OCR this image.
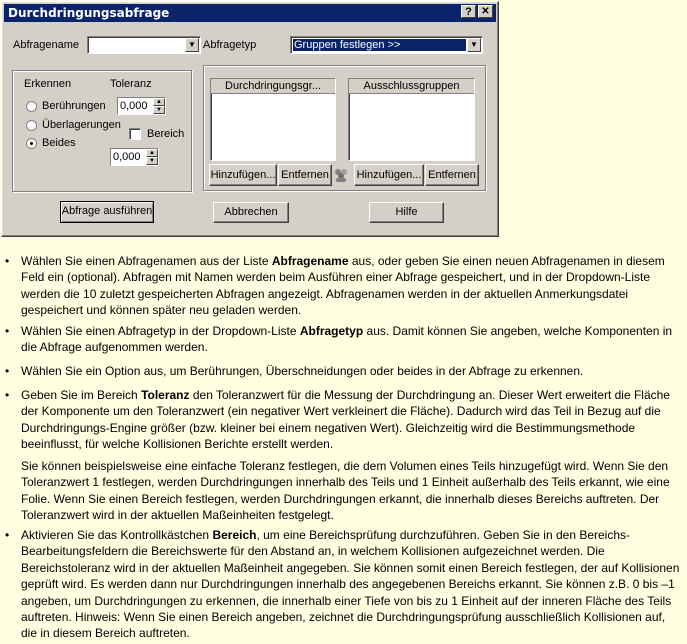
Durchdringungsabfrage	? ✕
Abfragename	▼ Abfragetyp	Gruppen festlegen >>	▼
Erkennen	Toleranz
Berührungen 0,000	▲
▼
Überlagerungen
Bereich
Beides
0,000	▲
▼
Durchdringungsgr...	Ausschlussgruppen
Hinzufügen... Entfernen	Hinzufügen... Entfernen
Abfrage ausführen	Abbrechen	Hilfe
• Wählen Sie einen Abfragenamen aus der Liste Abfragename aus, oder geben Sie einen neuen Abfragenamen in diesem Feld ein (optional). Abfragen mit Namen werden beim Ausführen einer Abfrage gespeichert, und in der Dropdown-Liste werden die 10 zuletzt gespeicherten Abfragen angezeigt. Abfragenamen werden in der aktuellen Anmerkungsdatei gespeichert und können später neu geladen werden.
• Wählen Sie einen Abfragetyp in der Dropdown-Liste Abfragetyp aus. Damit können Sie angeben, welche Komponenten in die Abfrage aufgenommen werden.
• Wählen Sie ein Option aus, um Berührungen, Überschneidungen oder beides in der Abfrage zu erkennen.
• Geben Sie im Bereich Toleranz den Toleranzwert für die Messung der Durchdringung an. Dieser Wert erweitert die Fläche der Komponente um den Toleranzwert (ein negativer Wert verkleinert die Fläche). Dadurch wird das Teil in Bezug auf die Durchdringungs-Engine größer (bzw. kleiner bei einem negativen Wert). Gleichzeitig wird die Bestimmungsmethode beeinflusst, für welche Kollisionen Berichte erstellt werden.
Sie können beispielsweise eine einfache Toleranz festlegen, die dem Volumen eines Teils hinzugefügt wird. Wenn Sie den Toleranzwert 1 festlegen, werden Durchdringungen innerhalb des Teils und 1 Einheit außerhalb des Teils erkannt, wie eine Folie. Wenn Sie einen Bereich festlegen, werden Durchdringungen erkannt, die innerhalb dieses Bereichs auftreten. Der Toleranzwert wird in der aktuellen Maßeinheiten festgelegt.
• Aktivieren Sie das Kontrollkästchen Bereich, um eine Bereichsprüfung durchzuführen. Geben Sie in den Bereichs-Bearbeitungsfeldern die Bereichswerte für den Abstand an, in welchem Kollisionen aufgezeichnet werden. Die Bereichstoleranz wird in der aktuellen Maßeinheit angegeben. Sie können somit einen Bereich festlegen, der auf Kollisionen geprüft wird. Es werden dann nur Durchdringungen innerhalb des angegebenen Bereichs erkannt. Sie können z.B. 0 bis –1 angeben, um Durchdringungen zu erkennen, die innerhalb einer Tiefe von bis zu 1 Einheit auf der inneren Fläche des Teils auftreten. Hinweis: Wenn Sie einen Bereich angeben, zeichnet die Durchdringungsprüfung ausschließlich Kollisionen auf, die in diesem Bereich auftreten.
